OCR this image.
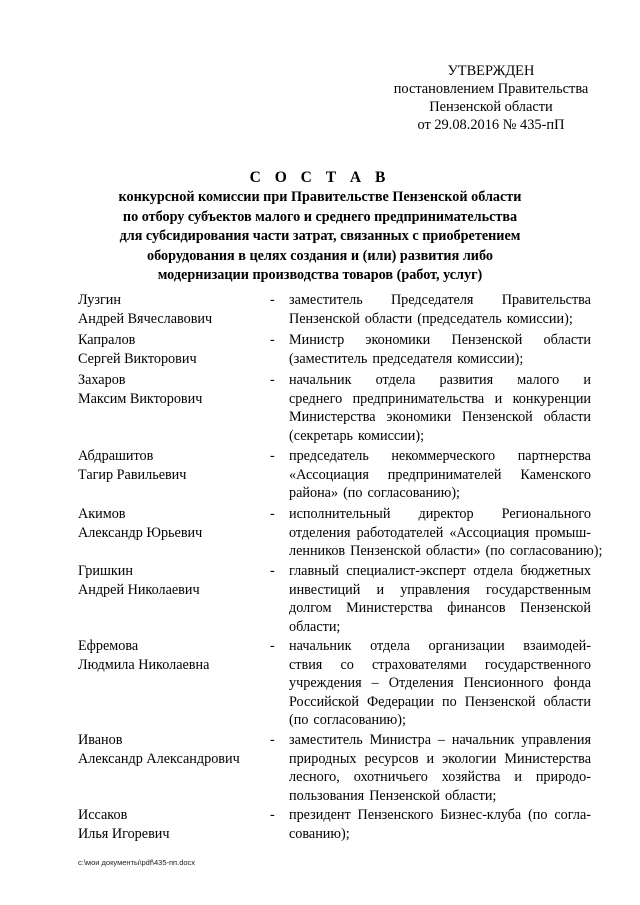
УТВЕРЖДЕН
постановлением Правительства
Пензенской области
от 29.08.2016 № 435-пП
С О С Т А В
конкурсной комиссии при Правительстве Пензенской области
по отбору субъектов малого и среднего предпринимательства
для субсидирования части затрат, связанных с приобретением
оборудования в целях создания и (или) развития либо
модернизации производства товаров (работ, услуг)
Лузгин
Андрей Вячеславович
- заместитель Председателя Правительства
Пензенской области (председатель комиссии);
Капралов
Сергей Викторович
- Министр экономики Пензенской области
(заместитель председателя комиссии);
Захаров
Максим Викторович
- начальник отдела развития малого и
среднего предпринимательства и конкуренции
Министерства экономики Пензенской области
(секретарь комиссии);
Абдрашитов
Тагир Равильевич
- председатель некоммерческого партнерства
«Ассоциация предпринимателей Каменского
района» (по согласованию);
Акимов
Александр Юрьевич
- исполнительный директор Регионального
отделения работодателей «Ассоциация промыш-
ленников Пензенской области» (по согласованию);
Гришкин
Андрей Николаевич
- главный специалист-эксперт отдела бюджетных
инвестиций и управления государственным
долгом Министерства финансов Пензенской
области;
Ефремова
Людмила Николаевна
- начальник отдела организации взаимодей-
ствия со страхователями государственного
учреждения – Отделения Пенсионного фонда
Российской Федерации по Пензенской области
(по согласованию);
Иванов
Александр Александрович
- заместитель Министра – начальник управления
природных ресурсов и экологии Министерства
лесного, охотничьего хозяйства и природо-
пользования Пензенской области;
Иссаков
Илья Игоревич
- президент Пензенского Бизнес-клуба (по согла-
сованию);
c:\мои документы\pdf\435-пп.docx
